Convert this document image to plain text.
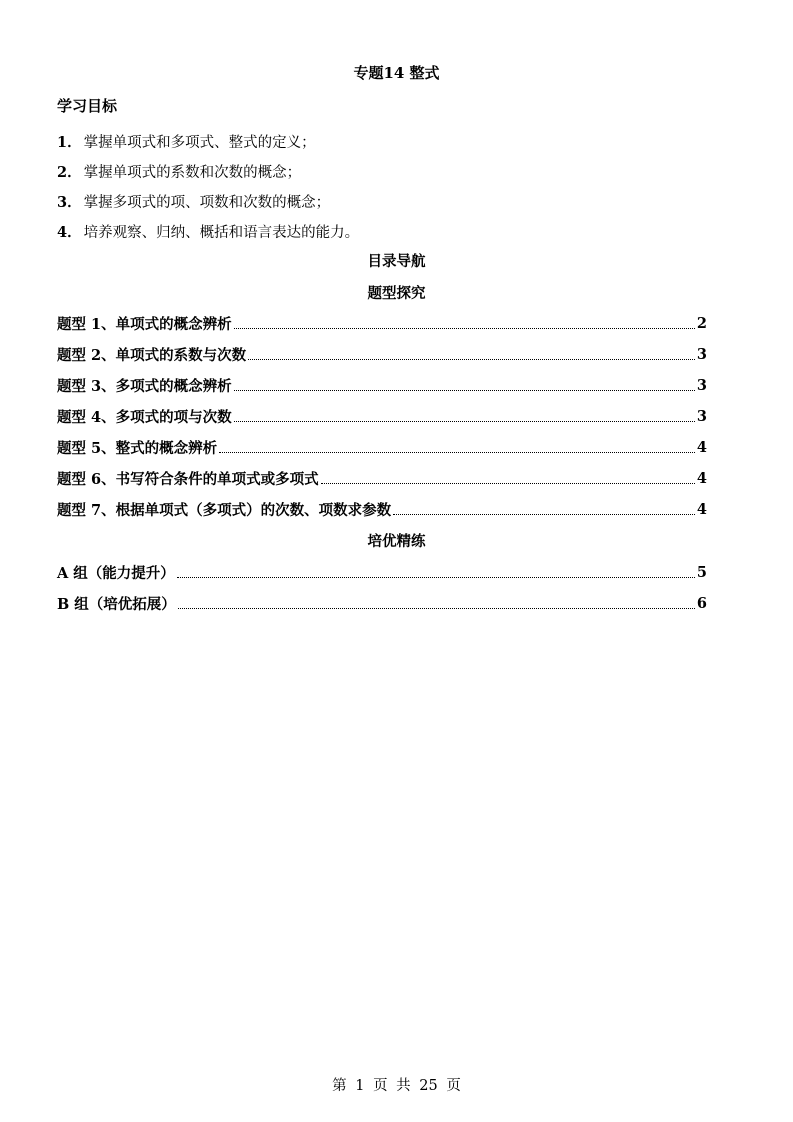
专题14 整式
学习目标
1． 掌握单项式和多项式、整式的定义；
2． 掌握单项式的系数和次数的概念；
3． 掌握多项式的项、项数和次数的概念；
4． 培养观察、归纳、概括和语言表达的能力。
目录导航
题型探究
题型 1、单项式的概念辨析	2
题型 2、单项式的系数与次数	3
题型 3、多项式的概念辨析	3
题型 4、多项式的项与次数	3
题型 5、整式的概念辨析	4
题型 6、书写符合条件的单项式或多项式	4
题型 7、根据单项式（多项式）的次数、项数求参数	4
培优精练
A 组（能力提升）	5
B 组（培优拓展）	6
第 1 页 共 25 页
